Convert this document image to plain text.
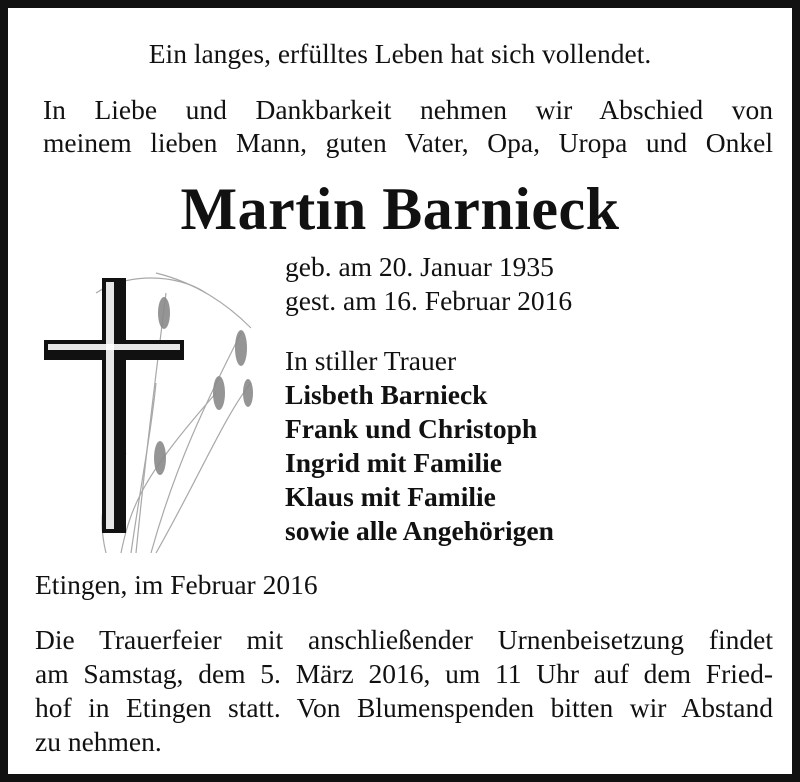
Ein langes, erfülltes Leben hat sich vollendet.
In Liebe und Dankbarkeit nehmen wir Abschied von
meinem lieben Mann, guten Vater, Opa, Uropa und Onkel
Martin Barnieck
geb. am 20. Januar 1935
gest. am 16. Februar 2016
In stiller Trauer
Lisbeth Barnieck
Frank und Christoph
Ingrid mit Familie
Klaus mit Familie
sowie alle Angehörigen
Etingen, im Februar 2016
Die Trauerfeier mit anschließender Urnenbeisetzung findet
am Samstag, dem 5. März 2016, um 11 Uhr auf dem Fried-
hof in Etingen statt. Von Blumenspenden bitten wir Abstand
zu nehmen.
